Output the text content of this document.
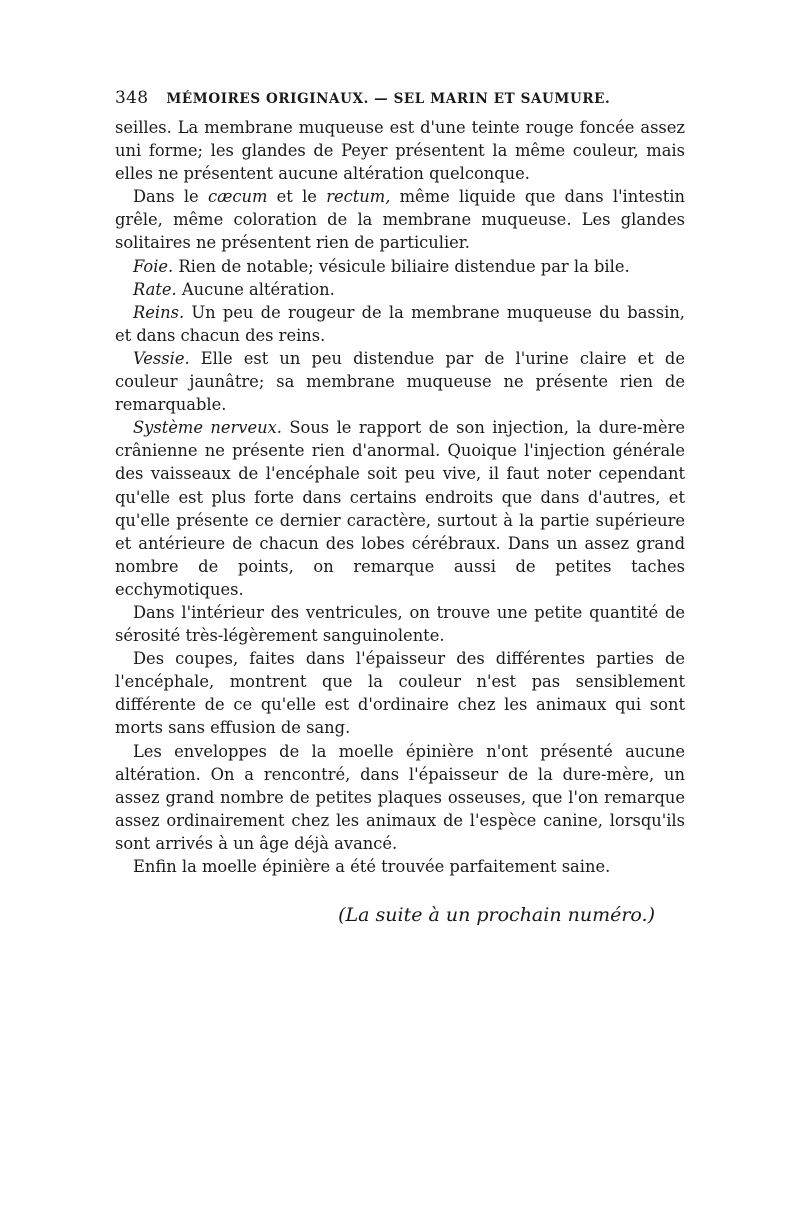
348 MÉMOIRES ORIGINAUX. — SEL MARIN ET SAUMURE.

seilles. La membrane muqueuse est d'une teinte rouge foncée assez uni forme; les glandes de Peyer présentent la même couleur, mais elles ne présentent aucune altération quelconque.

Dans le cæcum et le rectum, même liquide que dans l'intestin grêle, même coloration de la membrane muqueuse. Les glandes solitaires ne présentent rien de particulier.

Foie. Rien de notable; vésicule biliaire distendue par la bile.

Rate. Aucune altération.

Reins. Un peu de rougeur de la membrane muqueuse du bassin, et dans chacun des reins.

Vessie. Elle est un peu distendue par de l'urine claire et de couleur jaunâtre; sa membrane muqueuse ne présente rien de remarquable.

Système nerveux. Sous le rapport de son injection, la dure-mère crânienne ne présente rien d'anormal. Quoique l'injection générale des vaisseaux de l'encéphale soit peu vive, il faut noter cependant qu'elle est plus forte dans certains endroits que dans d'autres, et qu'elle présente ce dernier caractère, surtout à la partie supérieure et antérieure de chacun des lobes cérébraux. Dans un assez grand nombre de points, on remarque aussi de petites taches ecchymotiques.

Dans l'intérieur des ventricules, on trouve une petite quantité de sérosité très-légèrement sanguinolente.

Des coupes, faites dans l'épaisseur des différentes parties de l'encéphale, montrent que la couleur n'est pas sensiblement différente de ce qu'elle est d'ordinaire chez les animaux qui sont morts sans effusion de sang.

Les enveloppes de la moelle épinière n'ont présenté aucune altération. On a rencontré, dans l'épaisseur de la dure-mère, un assez grand nombre de petites plaques osseuses, que l'on remarque assez ordinairement chez les animaux de l'espèce canine, lorsqu'ils sont arrivés à un âge déjà avancé.

Enfin la moelle épinière a été trouvée parfaitement saine.

(La suite à un prochain numéro.)
